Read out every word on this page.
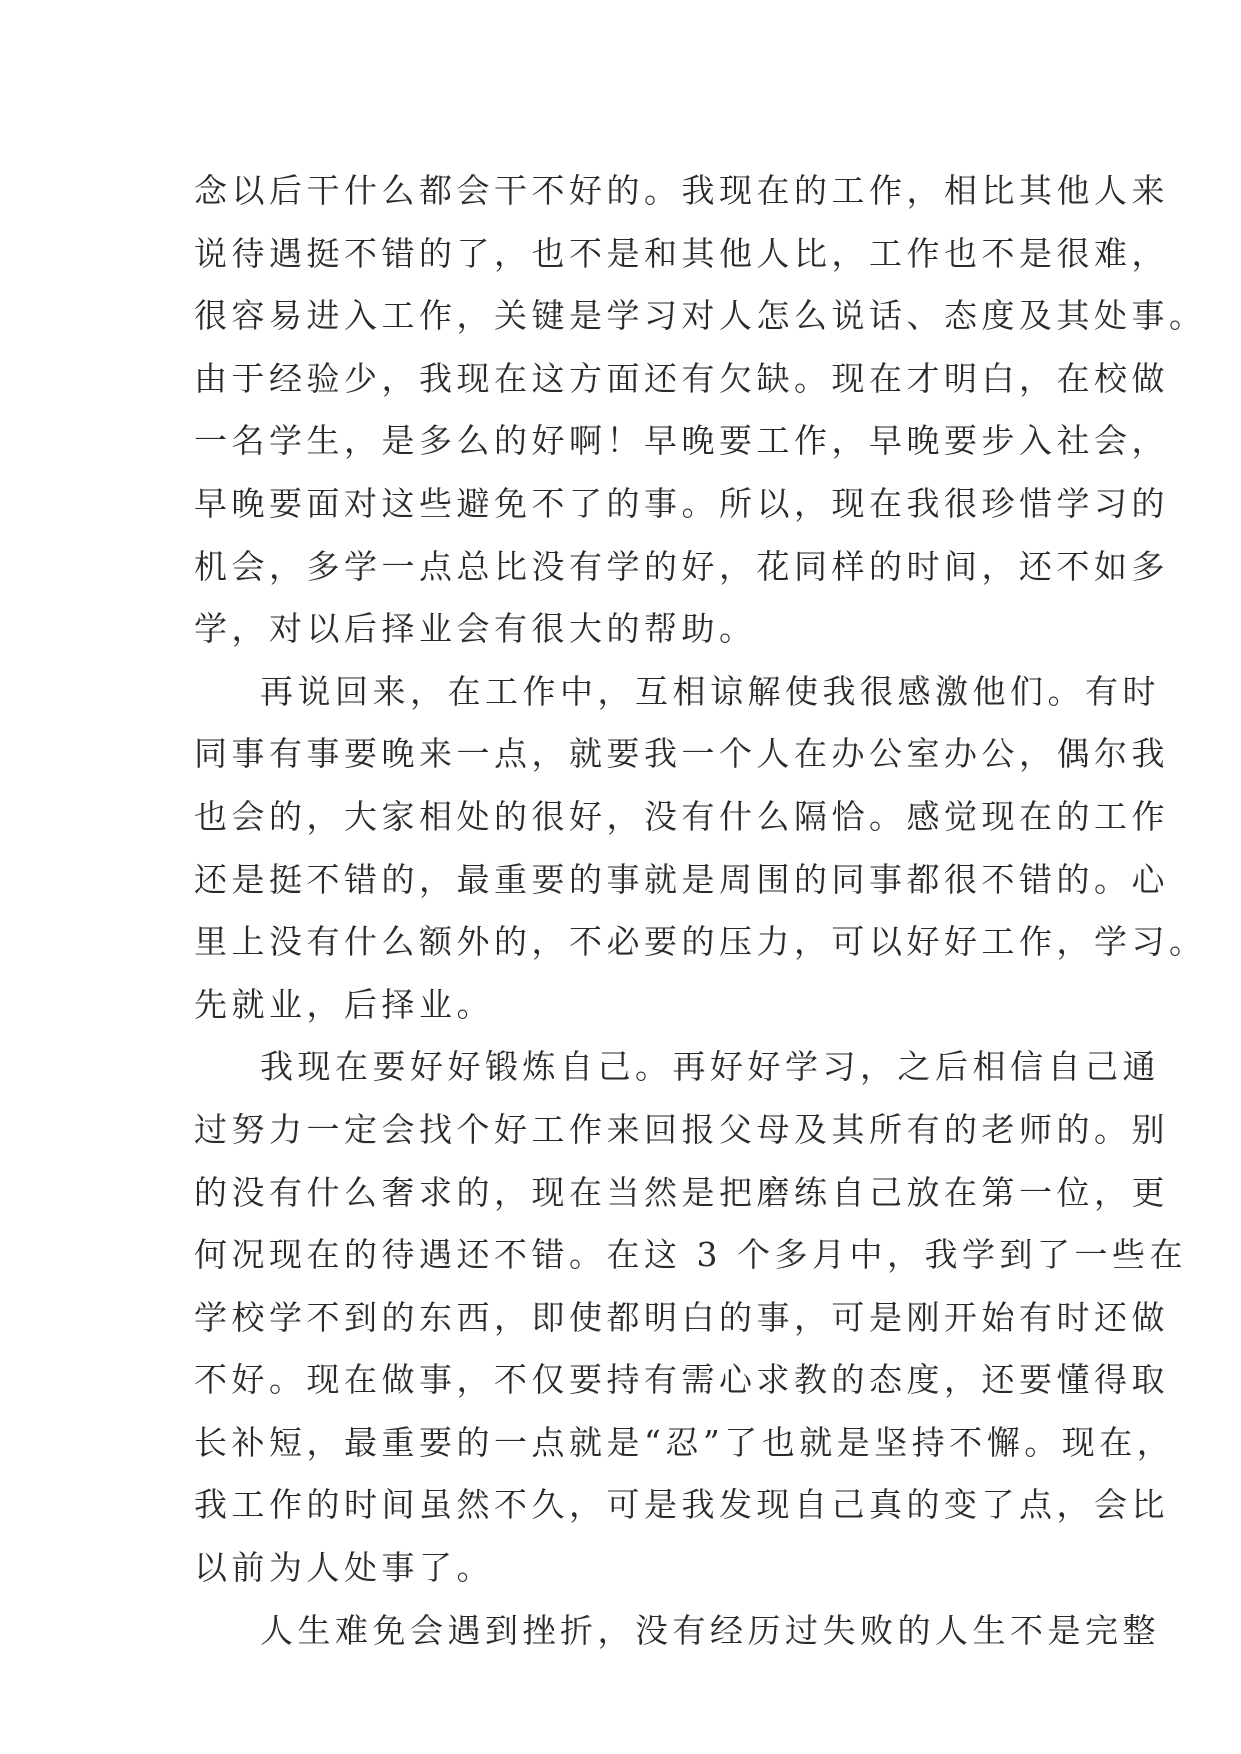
念以后干什么都会干不好的。我现在的工作，相比其他人来
说待遇挺不错的了，也不是和其他人比，工作也不是很难，
很容易进入工作，关键是学习对人怎么说话、态度及其处事。
由于经验少，我现在这方面还有欠缺。现在才明白，在校做
一名学生，是多么的好啊！早晚要工作，早晚要步入社会，
早晚要面对这些避免不了的事。所以，现在我很珍惜学习的
机会，多学一点总比没有学的好，花同样的时间，还不如多
学，对以后择业会有很大的帮助。
再说回来，在工作中，互相谅解使我很感激他们。有时
同事有事要晚来一点，就要我一个人在办公室办公，偶尔我
也会的，大家相处的很好，没有什么隔恰。感觉现在的工作
还是挺不错的，最重要的事就是周围的同事都很不错的。心
里上没有什么额外的，不必要的压力，可以好好工作，学习。
先就业，后择业。
我现在要好好锻炼自己。再好好学习，之后相信自己通
过努力一定会找个好工作来回报父母及其所有的老师的。别
的没有什么奢求的，现在当然是把磨练自己放在第一位，更
何况现在的待遇还不错。在这 3 个多月中，我学到了一些在
学校学不到的东西，即使都明白的事，可是刚开始有时还做
不好。现在做事，不仅要持有需心求教的态度，还要懂得取
长补短，最重要的一点就是“忍”了也就是坚持不懈。现在，
我工作的时间虽然不久，可是我发现自己真的变了点，会比
以前为人处事了。
人生难免会遇到挫折，没有经历过失败的人生不是完整
